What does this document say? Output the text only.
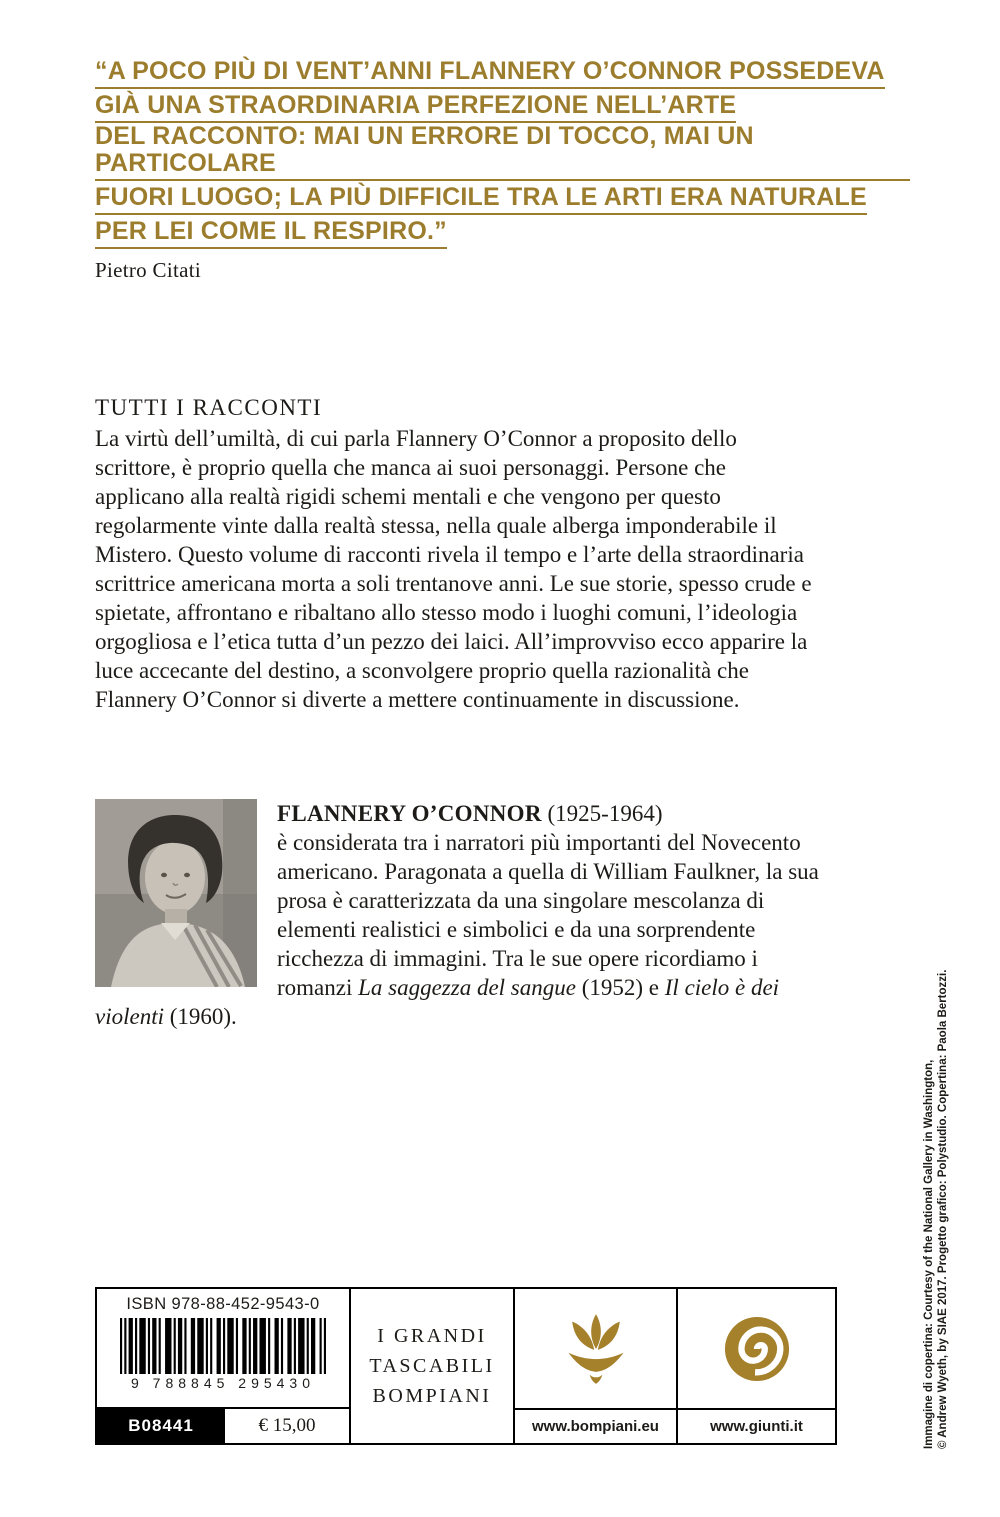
“A POCO PIÙ DI VENT’ANNI FLANNERY O’CONNOR POSSEDEVA
GIÀ UNA STRAORDINARIA PERFEZIONE NELL’ARTE
DEL RACCONTO: MAI UN ERRORE DI TOCCO, MAI UN PARTICOLARE
FUORI LUOGO; LA PIÙ DIFFICILE TRA LE ARTI ERA NATURALE
PER LEI COME IL RESPIRO.”
Pietro Citati
TUTTI I RACCONTI
La virtù dell’umiltà, di cui parla Flannery O’Connor a proposito dello scrittore, è proprio quella che manca ai suoi personaggi. Persone che applicano alla realtà rigidi schemi mentali e che vengono per questo regolarmente vinte dalla realtà stessa, nella quale alberga imponderabile il Mistero. Questo volume di racconti rivela il tempo e l’arte della straordinaria scrittrice americana morta a soli trentanove anni. Le sue storie, spesso crude e spietate, affrontano e ribaltano allo stesso modo i luoghi comuni, l’ideologia orgogliosa e l’etica tutta d’un pezzo dei laici. All’improvviso ecco apparire la luce accecante del destino, a sconvolgere proprio quella razionalità che Flannery O’Connor si diverte a mettere continuamente in discussione.
FLANNERY O’CONNOR (1925-1964)
è considerata tra i narratori più importanti del Novecento americano. Paragonata a quella di William Faulkner, la sua prosa è caratterizzata da una singolare mescolanza di elementi realistici e simbolici e da una sorprendente ricchezza di immagini. Tra le sue opere ricordiamo i romanzi La saggezza del sangue (1952) e Il cielo è dei violenti (1960).
Immagine di copertina: Courtesy of the National Gallery in Washington, © Andrew Wyeth, by SIAE 2017. Progetto grafico: Polystudio. Copertina: Paola Bertozzi.
ISBN 978-88-452-9543-0
9 788845 295430
B08441	€ 15,00
I GRANDI
TASCABILI
BOMPIANI
www.bompiani.eu	www.giunti.it
